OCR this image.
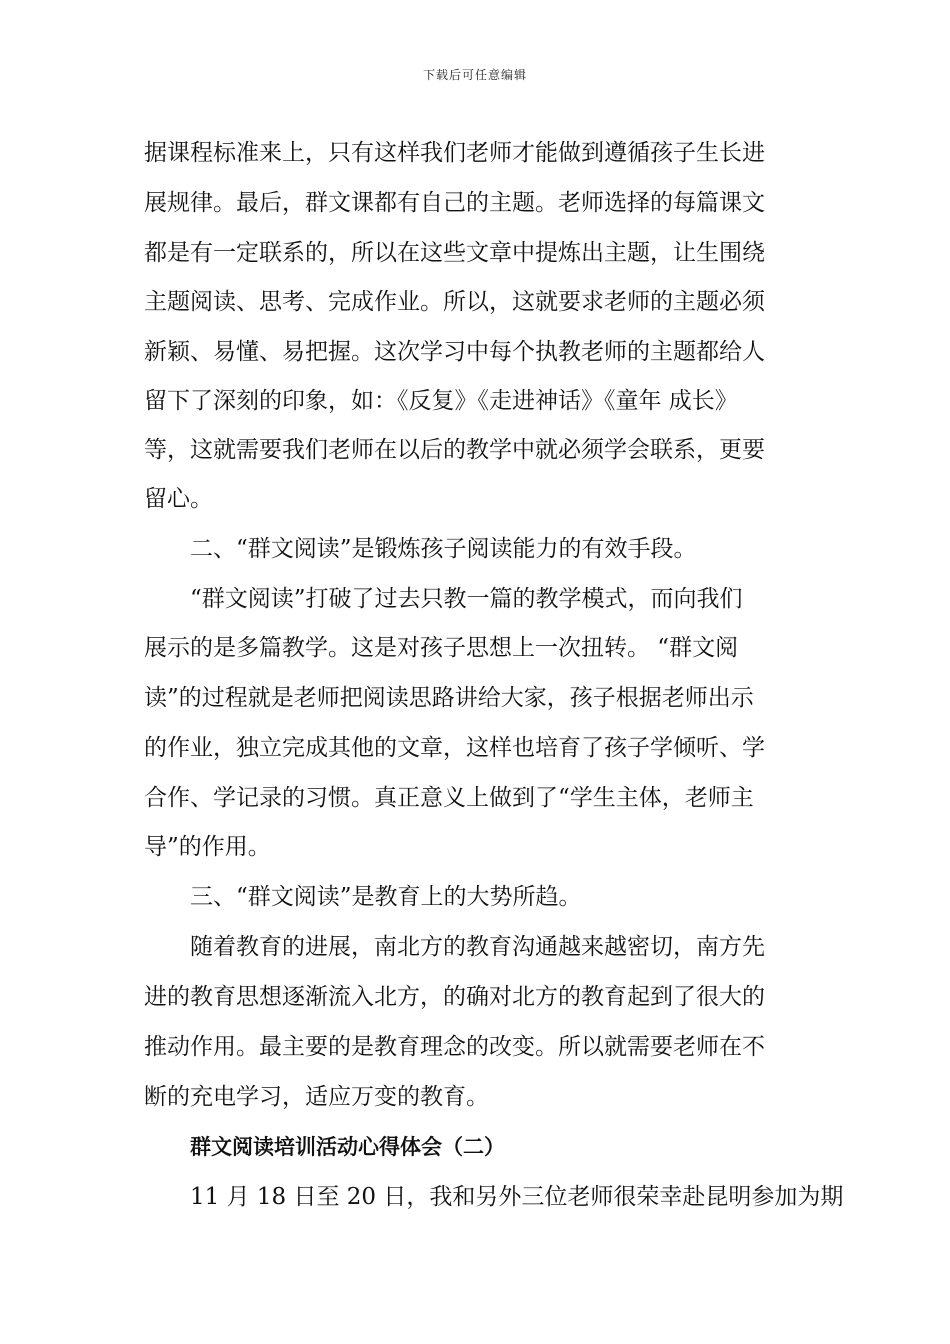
下载后可任意编辑
据课程标准来上，只有这样我们老师才能做到遵循孩子生长进
展规律。最后，群文课都有自己的主题。老师选择的每篇课文
都是有一定联系的，所以在这些文章中提炼出主题，让生围绕
主题阅读、思考、完成作业。所以，这就要求老师的主题必须
新颖、易懂、易把握。这次学习中每个执教老师的主题都给人
留下了深刻的印象，如：《反复》《走进神话》《童年 成长》
等，这就需要我们老师在以后的教学中就必须学会联系，更要
留心。
二、“群文阅读”是锻炼孩子阅读能力的有效手段。
“群文阅读”打破了过去只教一篇的教学模式，而向我们
展示的是多篇教学。这是对孩子思想上一次扭转。 “群文阅
读”的过程就是老师把阅读思路讲给大家，孩子根据老师出示
的作业，独立完成其他的文章，这样也培育了孩子学倾听、学
合作、学记录的习惯。真正意义上做到了“学生主体，老师主
导”的作用。
三、“群文阅读”是教育上的大势所趋。
随着教育的进展，南北方的教育沟通越来越密切，南方先
进的教育思想逐渐流入北方，的确对北方的教育起到了很大的
推动作用。最主要的是教育理念的改变。所以就需要老师在不
断的充电学习，适应万变的教育。
群文阅读培训活动心得体会（二）
11 月 18 日至 20 日，我和另外三位老师很荣幸赴昆明参加为期
